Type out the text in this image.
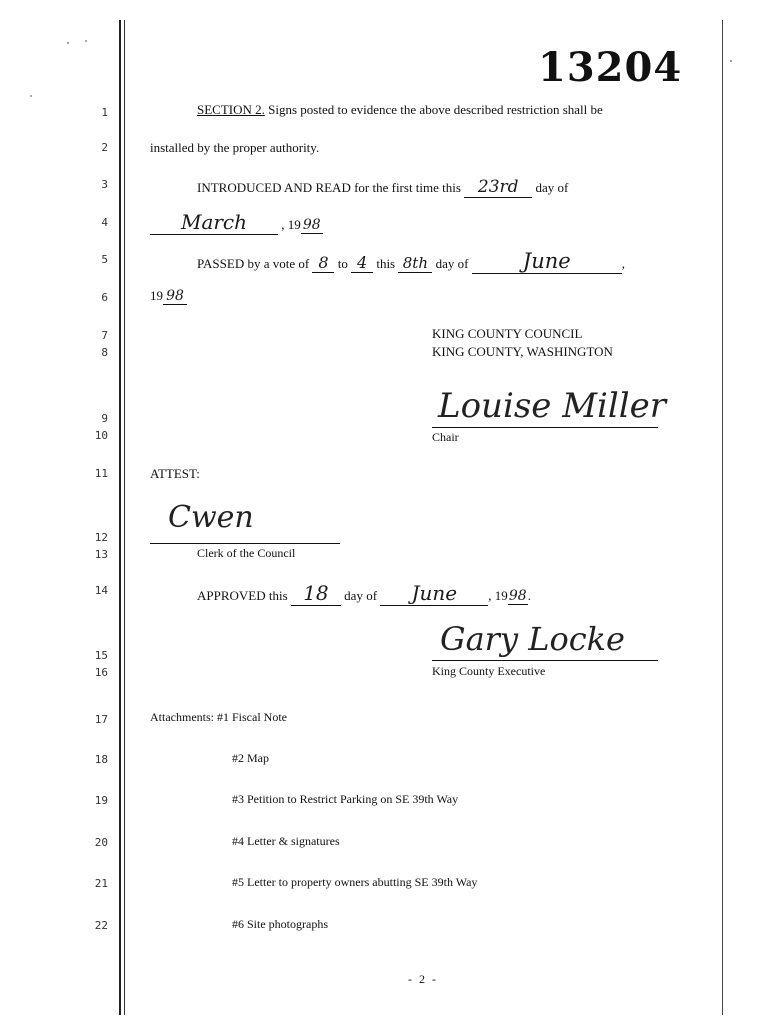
13204
1
2
3
4
5
6
7
8
9
10
11
12
13
14
15
16
17
18
19
20
21
22
SECTION 2. Signs posted to evidence the above described restriction shall be
installed by the proper authority.
INTRODUCED AND READ for the first time this 23rd day of
March	, 19 98
PASSED by a vote of 8 to 4 this 8th day of	June	,
19 98
KING COUNTY COUNCIL
KING COUNTY, WASHINGTON
Louise Miller
Chair
ATTEST:
Cwen
Clerk of the Council
APPROVED this 18 day of June , 1998.
Gary Locke
King County Executive
Attachments: #1 Fiscal Note
#2 Map
#3 Petition to Restrict Parking on SE 39th Way
#4 Letter & signatures
#5 Letter to property owners abutting SE 39th Way
#6 Site photographs
- 2 -
